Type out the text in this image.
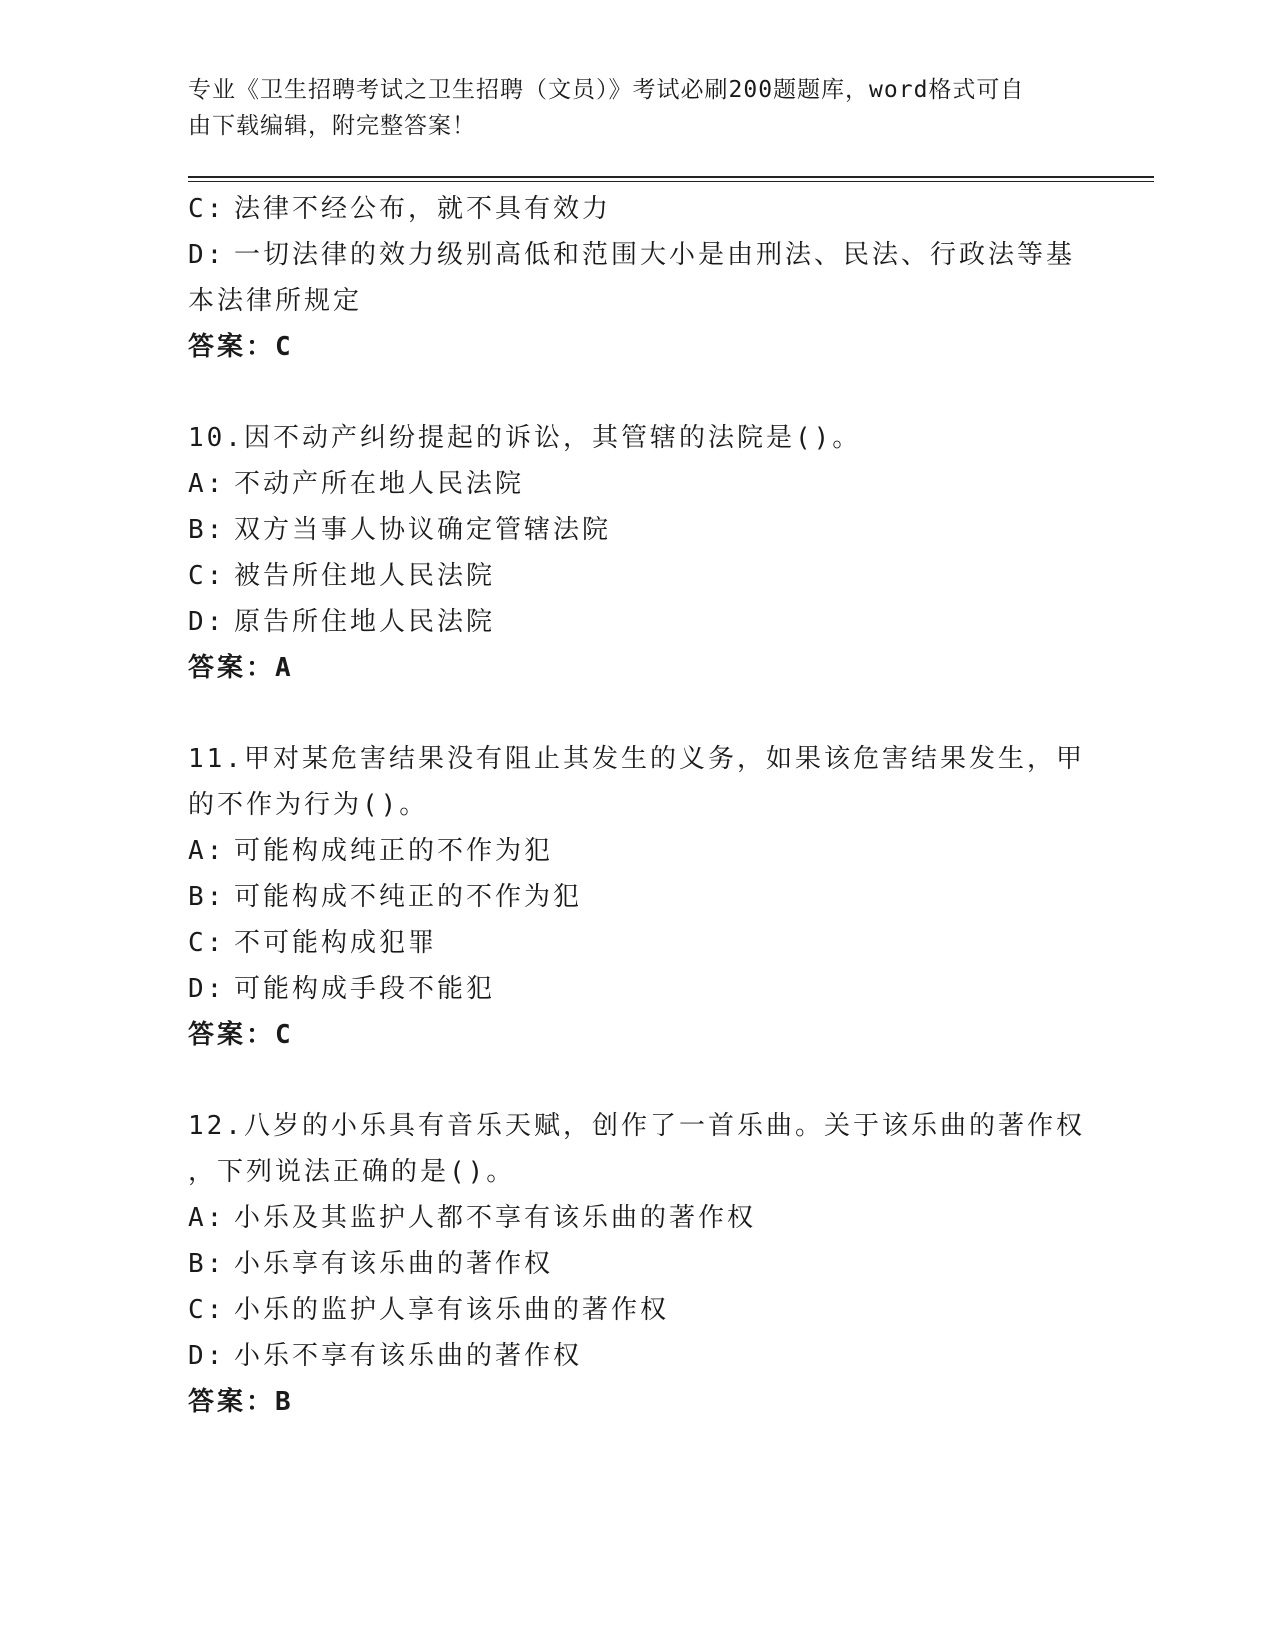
专业《卫生招聘考试之卫生招聘（文员）》考试必刷200题题库，word格式可自
由下载编辑，附完整答案！
C: 法律不经公布，就不具有效力
D: 一切法律的效力级别高低和范围大小是由刑法、民法、行政法等基
本法律所规定
答案：C
10.因不动产纠纷提起的诉讼，其管辖的法院是()。
A: 不动产所在地人民法院
B: 双方当事人协议确定管辖法院
C: 被告所住地人民法院
D: 原告所住地人民法院
答案：A
11.甲对某危害结果没有阻止其发生的义务，如果该危害结果发生，甲
的不作为行为()。
A: 可能构成纯正的不作为犯
B: 可能构成不纯正的不作为犯
C: 不可能构成犯罪
D: 可能构成手段不能犯
答案：C
12.八岁的小乐具有音乐天赋，创作了一首乐曲。关于该乐曲的著作权
，下列说法正确的是()。
A: 小乐及其监护人都不享有该乐曲的著作权
B: 小乐享有该乐曲的著作权
C: 小乐的监护人享有该乐曲的著作权
D: 小乐不享有该乐曲的著作权
答案：B
